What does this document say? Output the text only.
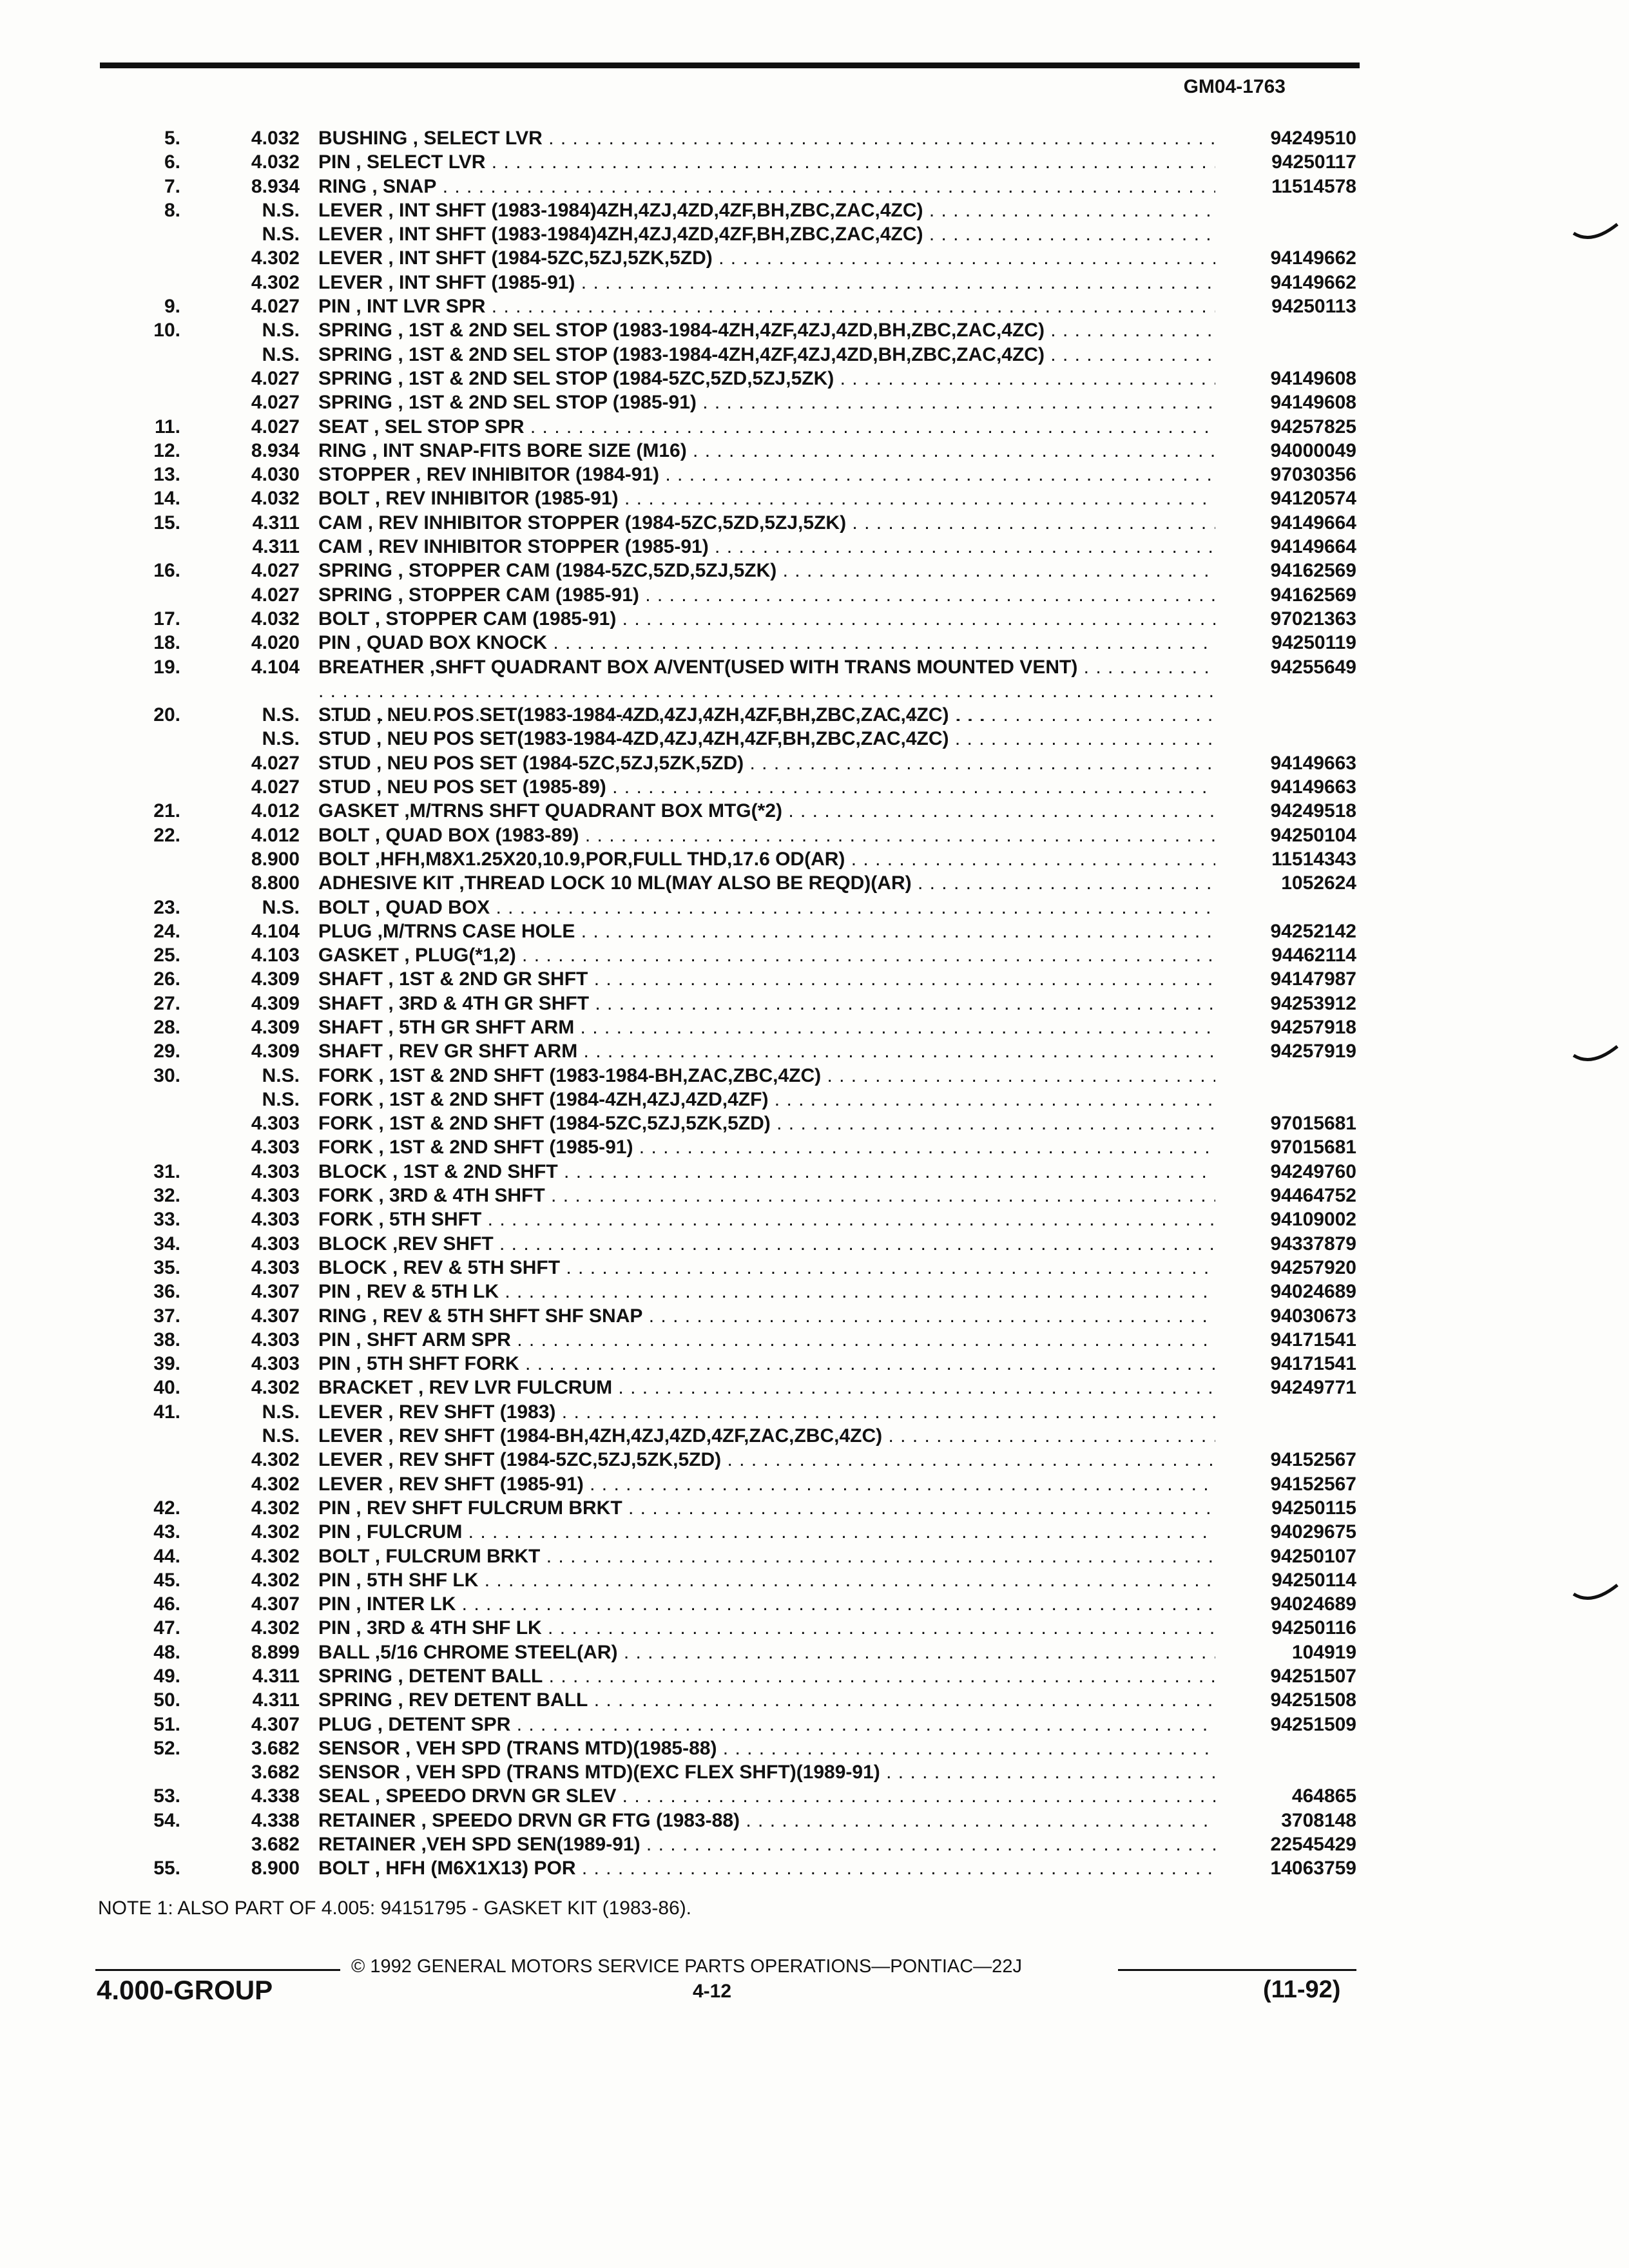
GM04-1763
5.	4.032 BUSHING , SELECT LVR . . .	94249510
6.	4.032 PIN , SELECT LVR . . .	94250117
7.	8.934 RING , SNAP . . .	11514578
8.	N.S. LEVER , INT SHFT (1983-1984)4ZH,4ZJ,4ZD,4ZF,BH,ZBC,ZAC,4ZC) . . .
N.S. LEVER , INT SHFT (1983-1984)4ZH,4ZJ,4ZD,4ZF,BH,ZBC,ZAC,4ZC) . . .
4.302 LEVER , INT SHFT (1984-5ZC,5ZJ,5ZK,5ZD) . . .	94149662
4.302 LEVER , INT SHFT (1985-91) . . .	94149662
9.	4.027 PIN , INT LVR SPR . . .	94250113
10.	N.S. SPRING , 1ST & 2ND SEL STOP (1983-1984-4ZH,4ZF,4ZJ,4ZD,BH,ZBC,ZAC,4ZC) . . .
N.S. SPRING , 1ST & 2ND SEL STOP (1983-1984-4ZH,4ZF,4ZJ,4ZD,BH,ZBC,ZAC,4ZC) . . .
4.027 SPRING , 1ST & 2ND SEL STOP (1984-5ZC,5ZD,5ZJ,5ZK) . . .	94149608
4.027 SPRING , 1ST & 2ND SEL STOP (1985-91) . . .	94149608
11.	4.027 SEAT , SEL STOP SPR . . .	94257825
12.	8.934 RING , INT SNAP-FITS BORE SIZE (M16) . . .	94000049
13.	4.030 STOPPER , REV INHIBITOR (1984-91) . . .	97030356
14.	4.032 BOLT , REV INHIBITOR (1985-91) . . .	94120574
15.	4.311 CAM , REV INHIBITOR STOPPER (1984-5ZC,5ZD,5ZJ,5ZK) . . .	94149664
4.311 CAM , REV INHIBITOR STOPPER (1985-91) . . .	94149664
16.	4.027 SPRING , STOPPER CAM (1984-5ZC,5ZD,5ZJ,5ZK) . . .	94162569
4.027 SPRING , STOPPER CAM (1985-91) . . .	94162569
17.	4.032 BOLT , STOPPER CAM (1985-91) . . .	97021363
18.	4.020 PIN , QUAD BOX KNOCK . . .	94250119
19.	4.104 BREATHER ,SHFT QUADRANT BOX A/VENT(USED WITH TRANS MOUNTED VENT) . . .	94255649
20.	N.S. STUD , NEU POS SET(1983-1984-4ZD,4ZJ,4ZH,4ZF,BH,ZBC,ZAC,4ZC) . . .
N.S. STUD , NEU POS SET(1983-1984-4ZD,4ZJ,4ZH,4ZF,BH,ZBC,ZAC,4ZC) . . .
4.027 STUD , NEU POS SET (1984-5ZC,5ZJ,5ZK,5ZD) . . .	94149663
4.027 STUD , NEU POS SET (1985-89) . . .	94149663
21.	4.012 GASKET ,M/TRNS SHFT QUADRANT BOX MTG(*2) . . .	94249518
22.	4.012 BOLT , QUAD BOX (1983-89) . . .	94250104
8.900 BOLT ,HFH,M8X1.25X20,10.9,POR,FULL THD,17.6 OD(AR) . . .	11514343
8.800 ADHESIVE KIT ,THREAD LOCK 10 ML(MAY ALSO BE REQD)(AR) . . .	1052624
23.	N.S. BOLT , QUAD BOX . . .
24.	4.104 PLUG ,M/TRNS CASE HOLE . . .	94252142
25.	4.103 GASKET , PLUG(*1,2) . . .	94462114
26.	4.309 SHAFT , 1ST & 2ND GR SHFT . . .	94147987
27.	4.309 SHAFT , 3RD & 4TH GR SHFT . . .	94253912
28.	4.309 SHAFT , 5TH GR SHFT ARM . . .	94257918
29.	4.309 SHAFT , REV GR SHFT ARM . . .	94257919
30.	N.S. FORK , 1ST & 2ND SHFT (1983-1984-BH,ZAC,ZBC,4ZC) . . .
N.S. FORK , 1ST & 2ND SHFT (1984-4ZH,4ZJ,4ZD,4ZF) . . .
4.303 FORK , 1ST & 2ND SHFT (1984-5ZC,5ZJ,5ZK,5ZD) . . .	97015681
4.303 FORK , 1ST & 2ND SHFT (1985-91) . . .	97015681
31.	4.303 BLOCK , 1ST & 2ND SHFT . . .	94249760
32.	4.303 FORK , 3RD & 4TH SHFT . . .	94464752
33.	4.303 FORK , 5TH SHFT . . .	94109002
34.	4.303 BLOCK ,REV SHFT . . .	94337879
35.	4.303 BLOCK , REV & 5TH SHFT . . .	94257920
36.	4.307 PIN , REV & 5TH LK . . .	94024689
37.	4.307 RING , REV & 5TH SHFT SHF SNAP . . .	94030673
38.	4.303 PIN , SHFT ARM SPR . . .	94171541
39.	4.303 PIN , 5TH SHFT FORK . . .	94171541
40.	4.302 BRACKET , REV LVR FULCRUM . . .	94249771
41.	N.S. LEVER , REV SHFT (1983) . . .
N.S. LEVER , REV SHFT (1984-BH,4ZH,4ZJ,4ZD,4ZF,ZAC,ZBC,4ZC) . . .
4.302 LEVER , REV SHFT (1984-5ZC,5ZJ,5ZK,5ZD) . . .	94152567
4.302 LEVER , REV SHFT (1985-91) . . .	94152567
42.	4.302 PIN , REV SHFT FULCRUM BRKT . . .	94250115
43.	4.302 PIN , FULCRUM . . .	94029675
44.	4.302 BOLT , FULCRUM BRKT . . .	94250107
45.	4.302 PIN , 5TH SHF LK . . .	94250114
46.	4.307 PIN , INTER LK . . .	94024689
47.	4.302 PIN , 3RD & 4TH SHF LK . . .	94250116
48.	8.899 BALL ,5/16 CHROME STEEL(AR) . . .	104919
49.	4.311 SPRING , DETENT BALL . . .	94251507
50.	4.311 SPRING , REV DETENT BALL . . .	94251508
51.	4.307 PLUG , DETENT SPR . . .	94251509
52.	3.682 SENSOR , VEH SPD (TRANS MTD)(1985-88) . . .
3.682 SENSOR , VEH SPD (TRANS MTD)(EXC FLEX SHFT)(1989-91) . . .
53.	4.338 SEAL , SPEEDO DRVN GR SLEV . . .	464865
54.	4.338 RETAINER , SPEEDO DRVN GR FTG (1983-88) . . .	3708148
3.682 RETAINER ,VEH SPD SEN(1989-91) . . .	22545429
55.	8.900 BOLT , HFH (M6X1X13) POR . . .	14063759
NOTE 1: ALSO PART OF 4.005: 94151795 - GASKET KIT (1983-86).
© 1992 GENERAL MOTORS SERVICE PARTS OPERATIONS—PONTIAC—22J
4.000-GROUP	4-12	(11-92)
